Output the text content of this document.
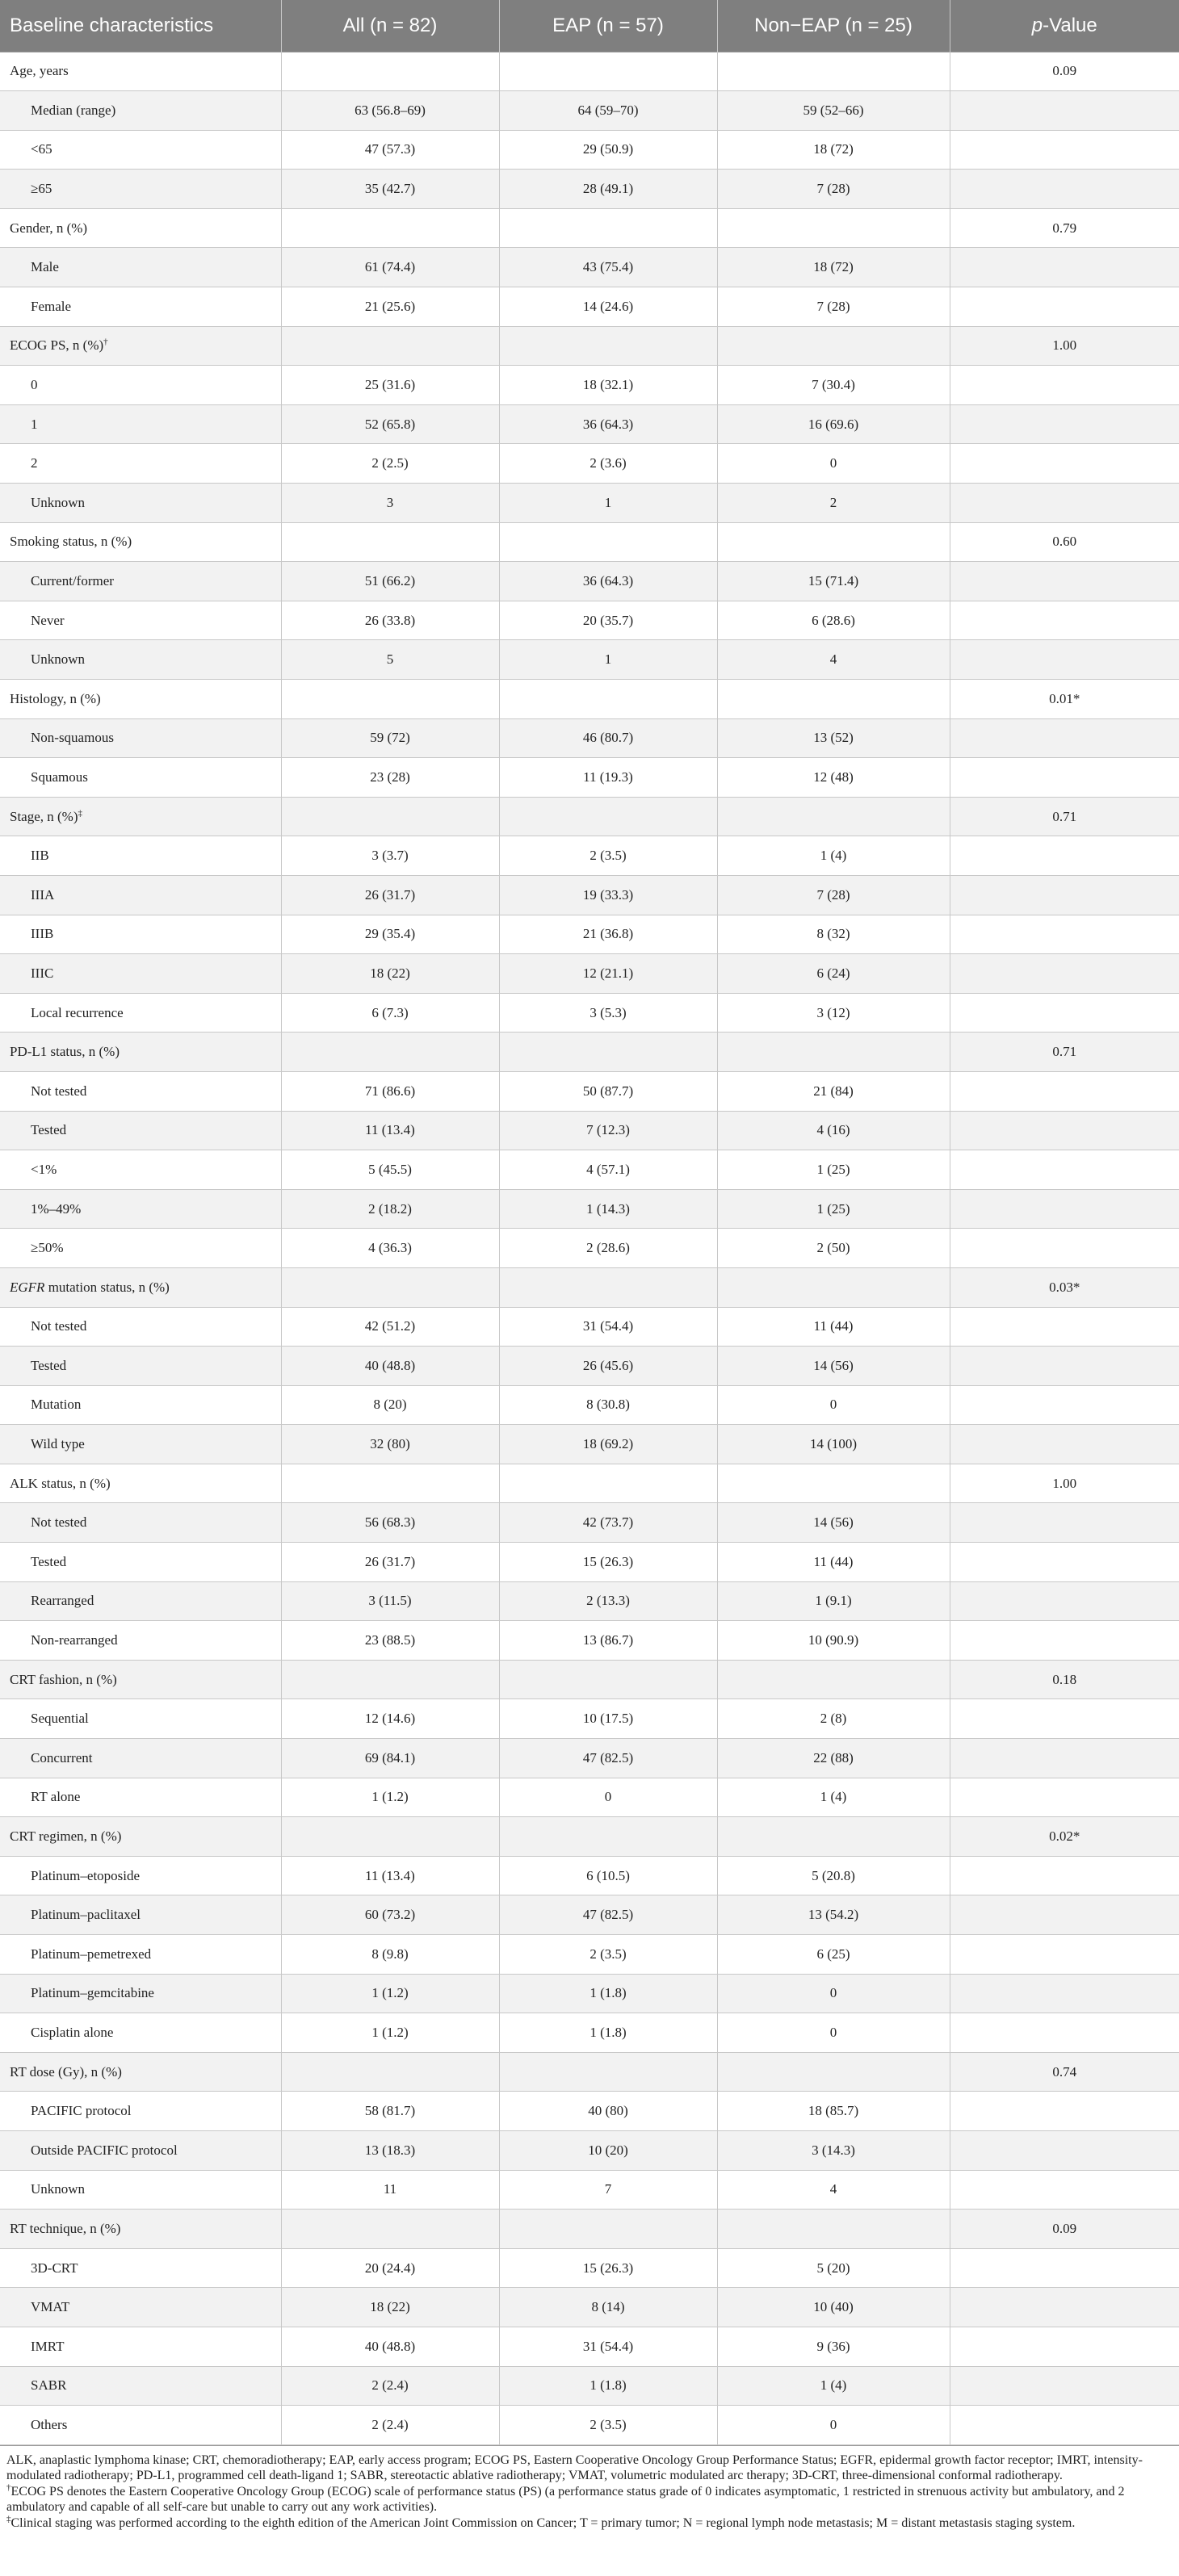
Baseline characteristics	All (n = 82)	EAP (n = 57)	Non−EAP (n = 25)	p-Value
Age, years				0.09
Median (range)	63 (56.8–69)	64 (59–70)	59 (52–66)	
<65	47 (57.3)	29 (50.9)	18 (72)	
≥65	35 (42.7)	28 (49.1)	7 (28)	
Gender, n (%)				0.79
Male	61 (74.4)	43 (75.4)	18 (72)	
Female	21 (25.6)	14 (24.6)	7 (28)	
ECOG PS, n (%)†				1.00
0	25 (31.6)	18 (32.1)	7 (30.4)	
1	52 (65.8)	36 (64.3)	16 (69.6)	
2	2 (2.5)	2 (3.6)	0	
Unknown	3	1	2	
Smoking status, n (%)				0.60
Current/former	51 (66.2)	36 (64.3)	15 (71.4)	
Never	26 (33.8)	20 (35.7)	6 (28.6)	
Unknown	5	1	4	
Histology, n (%)				0.01*
Non-squamous	59 (72)	46 (80.7)	13 (52)	
Squamous	23 (28)	11 (19.3)	12 (48)	
Stage, n (%)‡				0.71
IIB	3 (3.7)	2 (3.5)	1 (4)	
IIIA	26 (31.7)	19 (33.3)	7 (28)	
IIIB	29 (35.4)	21 (36.8)	8 (32)	
IIIC	18 (22)	12 (21.1)	6 (24)	
Local recurrence	6 (7.3)	3 (5.3)	3 (12)	
PD-L1 status, n (%)				0.71
Not tested	71 (86.6)	50 (87.7)	21 (84)	
Tested	11 (13.4)	7 (12.3)	4 (16)	
<1%	5 (45.5)	4 (57.1)	1 (25)	
1%–49%	2 (18.2)	1 (14.3)	1 (25)	
≥50%	4 (36.3)	2 (28.6)	2 (50)	
EGFR mutation status, n (%)				0.03*
Not tested	42 (51.2)	31 (54.4)	11 (44)	
Tested	40 (48.8)	26 (45.6)	14 (56)	
Mutation	8 (20)	8 (30.8)	0	
Wild type	32 (80)	18 (69.2)	14 (100)	
ALK status, n (%)				1.00
Not tested	56 (68.3)	42 (73.7)	14 (56)	
Tested	26 (31.7)	15 (26.3)	11 (44)	
Rearranged	3 (11.5)	2 (13.3)	1 (9.1)	
Non-rearranged	23 (88.5)	13 (86.7)	10 (90.9)	
CRT fashion, n (%)				0.18
Sequential	12 (14.6)	10 (17.5)	2 (8)	
Concurrent	69 (84.1)	47 (82.5)	22 (88)	
RT alone	1 (1.2)	0	1 (4)	
CRT regimen, n (%)				0.02*
Platinum–etoposide	11 (13.4)	6 (10.5)	5 (20.8)	
Platinum–paclitaxel	60 (73.2)	47 (82.5)	13 (54.2)	
Platinum–pemetrexed	8 (9.8)	2 (3.5)	6 (25)	
Platinum–gemcitabine	1 (1.2)	1 (1.8)	0	
Cisplatin alone	1 (1.2)	1 (1.8)	0	
RT dose (Gy), n (%)				0.74
PACIFIC protocol	58 (81.7)	40 (80)	18 (85.7)	
Outside PACIFIC protocol	13 (18.3)	10 (20)	3 (14.3)	
Unknown	11	7	4	
RT technique, n (%)				0.09
3D-CRT	20 (24.4)	15 (26.3)	5 (20)	
VMAT	18 (22)	8 (14)	10 (40)	
IMRT	40 (48.8)	31 (54.4)	9 (36)	
SABR	2 (2.4)	1 (1.8)	1 (4)	
Others	2 (2.4)	2 (3.5)	0	

ALK, anaplastic lymphoma kinase; CRT, chemoradiotherapy; EAP, early access program; ECOG PS, Eastern Cooperative Oncology Group Performance Status; EGFR, epidermal growth factor receptor; IMRT, intensity-modulated radiotherapy; PD-L1, programmed cell death-ligand 1; SABR, stereotactic ablative radiotherapy; VMAT, volumetric modulated arc therapy; 3D-CRT, three-dimensional conformal radiotherapy.

†ECOG PS denotes the Eastern Cooperative Oncology Group (ECOG) scale of performance status (PS) (a performance status grade of 0 indicates asymptomatic, 1 restricted in strenuous activity but ambulatory, and 2 ambulatory and capable of all self-care but unable to carry out any work activities).

‡Clinical staging was performed according to the eighth edition of the American Joint Commission on Cancer; T = primary tumor; N = regional lymph node metastasis; M = distant metastasis staging system.
